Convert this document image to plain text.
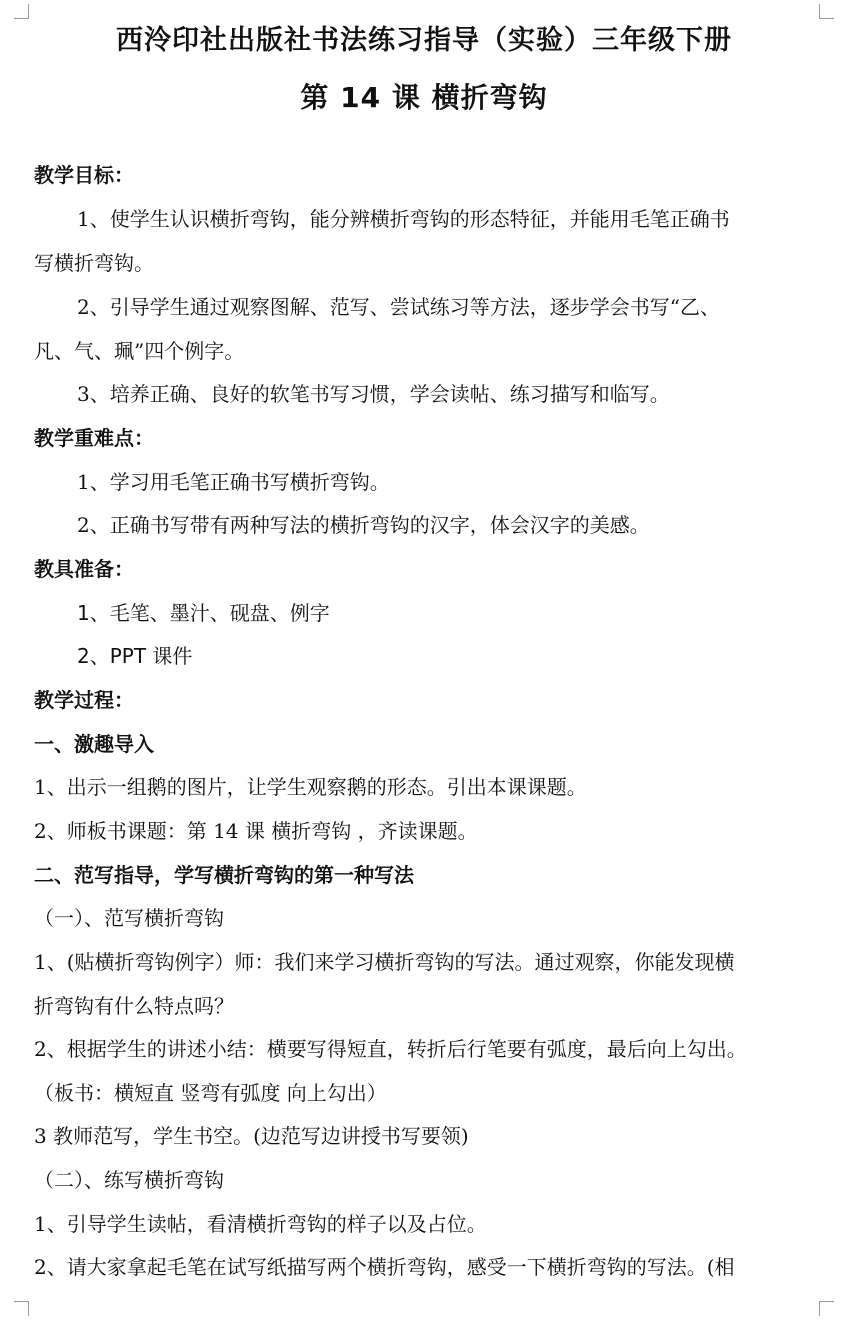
西泠印社出版社书法练习指导（实验）三年级下册
第 14 课 横折弯钩
教学目标：
1、使学生认识横折弯钩，能分辨横折弯钩的形态特征，并能用毛笔正确书
写横折弯钩。
2、引导学生通过观察图解、范写、尝试练习等方法，逐步学会书写“乙、
凡、气、珮”四个例字。
3、培养正确、良好的软笔书写习惯，学会读帖、练习描写和临写。
教学重难点：
1、学习用毛笔正确书写横折弯钩。
2、正确书写带有两种写法的横折弯钩的汉字，体会汉字的美感。
教具准备：
1、毛笔、墨汁、砚盘、例字
2、PPT 课件
教学过程：
一、激趣导入
1、出示一组鹅的图片，让学生观察鹅的形态。引出本课课题。
2、师板书课题：第 14 课 横折弯钩 ，齐读课题。
二、范写指导，学写横折弯钩的第一种写法
（一）、范写横折弯钩
1、(贴横折弯钩例字）师：我们来学习横折弯钩的写法。通过观察，你能发现横
折弯钩有什么特点吗？
2、根据学生的讲述小结：横要写得短直，转折后行笔要有弧度，最后向上勾出。
（板书：横短直 竖弯有弧度 向上勾出）
3 教师范写，学生书空。(边范写边讲授书写要领)
（二）、练写横折弯钩
1、引导学生读帖，看清横折弯钩的样子以及占位。
2、请大家拿起毛笔在试写纸描写两个横折弯钩，感受一下横折弯钩的写法。(相
